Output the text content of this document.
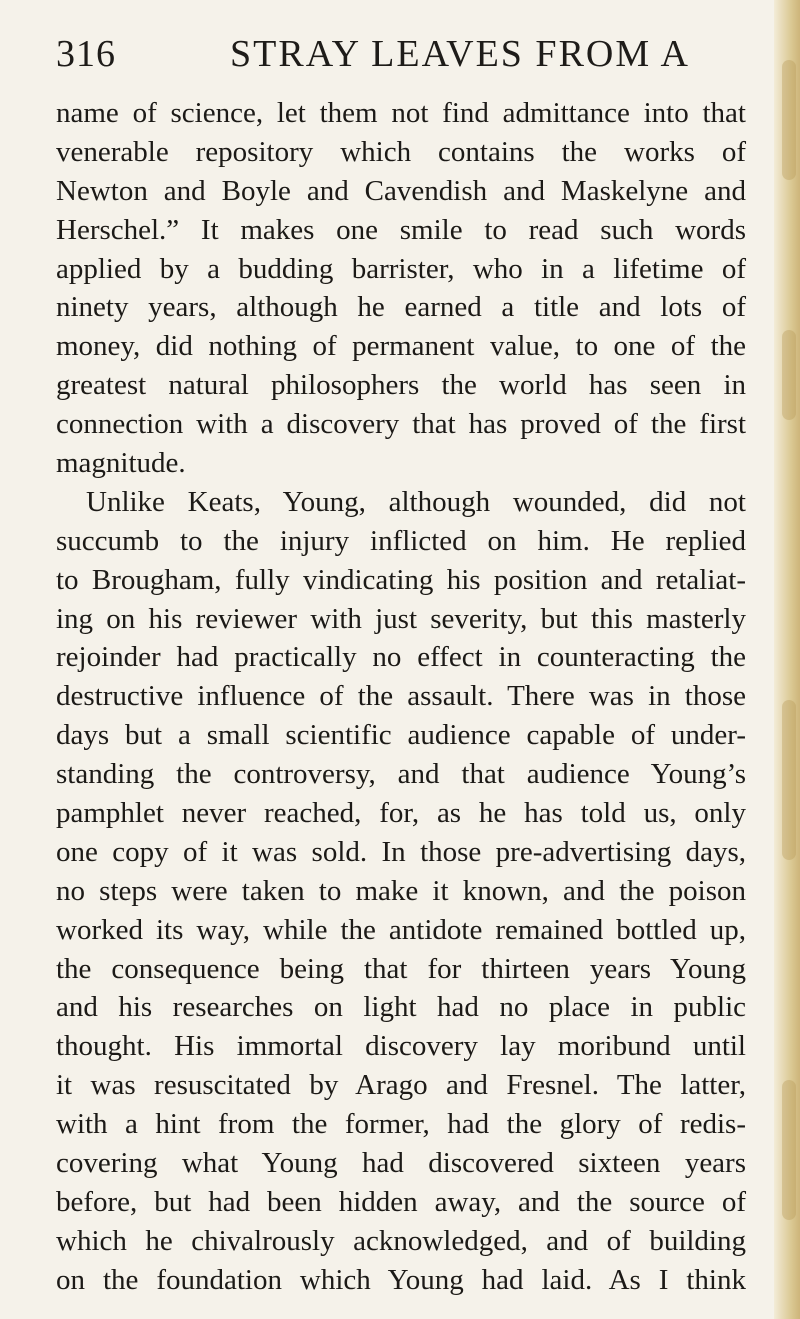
316	STRAY LEAVES FROM A
name of science, let them not find admittance into that
venerable repository which contains the works of
Newton and Boyle and Cavendish and Maskelyne and
Herschel.” It makes one smile to read such words
applied by a budding barrister, who in a lifetime of
ninety years, although he earned a title and lots of
money, did nothing of permanent value, to one of the
greatest natural philosophers the world has seen in
connection with a discovery that has proved of the first
magnitude.
Unlike Keats, Young, although wounded, did not
succumb to the injury inflicted on him. He replied
to Brougham, fully vindicating his position and retaliat-
ing on his reviewer with just severity, but this masterly
rejoinder had practically no effect in counteracting the
destructive influence of the assault. There was in those
days but a small scientific audience capable of under-
standing the controversy, and that audience Young’s
pamphlet never reached, for, as he has told us, only
one copy of it was sold. In those pre-advertising days,
no steps were taken to make it known, and the poison
worked its way, while the antidote remained bottled up,
the consequence being that for thirteen years Young
and his researches on light had no place in public
thought. His immortal discovery lay moribund until
it was resuscitated by Arago and Fresnel. The latter,
with a hint from the former, had the glory of redis-
covering what Young had discovered sixteen years
before, but had been hidden away, and the source of
which he chivalrously acknowledged, and of building
on the foundation which Young had laid. As I think
